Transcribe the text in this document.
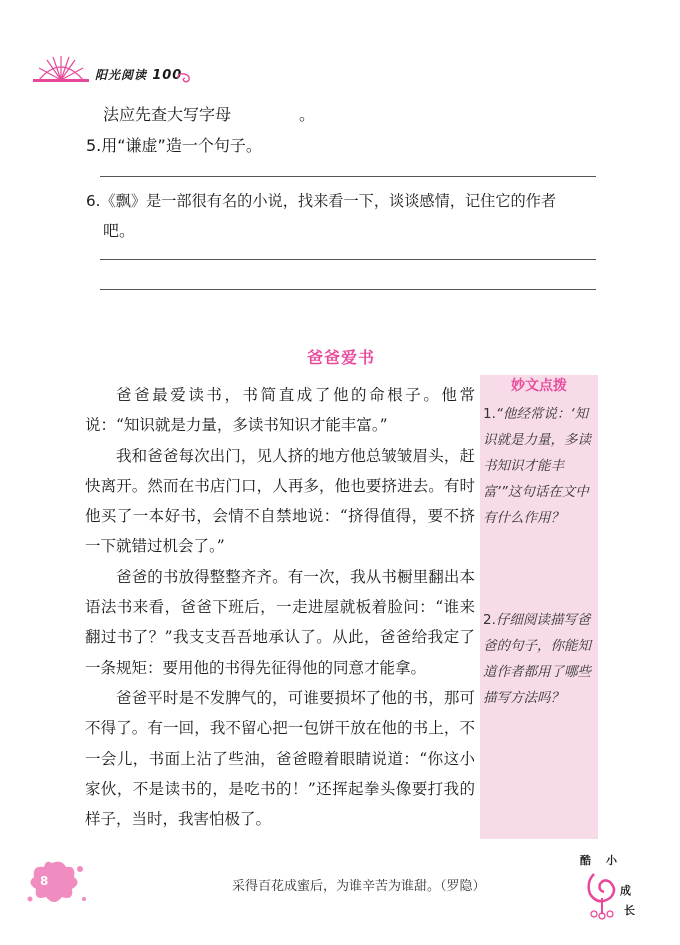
阳光阅读 100
法应先查大写字母	。
5.用“谦虚”造一个句子。
6.《飘》是一部很有名的小说，找来看一下，谈谈感情，记住它的作者
吧。
爸爸爱书

爸爸最爱读书，书简直成了他的命根子。他常说：“知识就是力量，多读书知识才能丰富。”

我和爸爸每次出门，见人挤的地方他总皱皱眉头，赶快离开。然而在书店门口，人再多，他也要挤进去。有时他买了一本好书，会情不自禁地说：“挤得值得，要不挤一下就错过机会了。”

爸爸的书放得整整齐齐。有一次，我从书橱里翻出本语法书来看，爸爸下班后，一走进屋就板着脸问：“谁来翻过书了？”我支支吾吾地承认了。从此，爸爸给我定了一条规矩：要用他的书得先征得他的同意才能拿。

爸爸平时是不发脾气的，可谁要损坏了他的书，那可不得了。有一回，我不留心把一包饼干放在他的书上，不一会儿，书面上沾了些油，爸爸瞪着眼睛说道：“你这小家伙，不是读书的，是吃书的！”还挥起拳头像要打我的样子，当时，我害怕极了。

妙文点拨
1.“他经常说：‘知识就是力量，多读书知识才能丰富’”这句话在文中有什么作用？
2.仔细阅读描写爸爸的句子，你能知道作者都用了哪些描写方法吗？
8	采得百花成蜜后，为谁辛苦为谁甜。（罗隐）
酷 小
成
长
